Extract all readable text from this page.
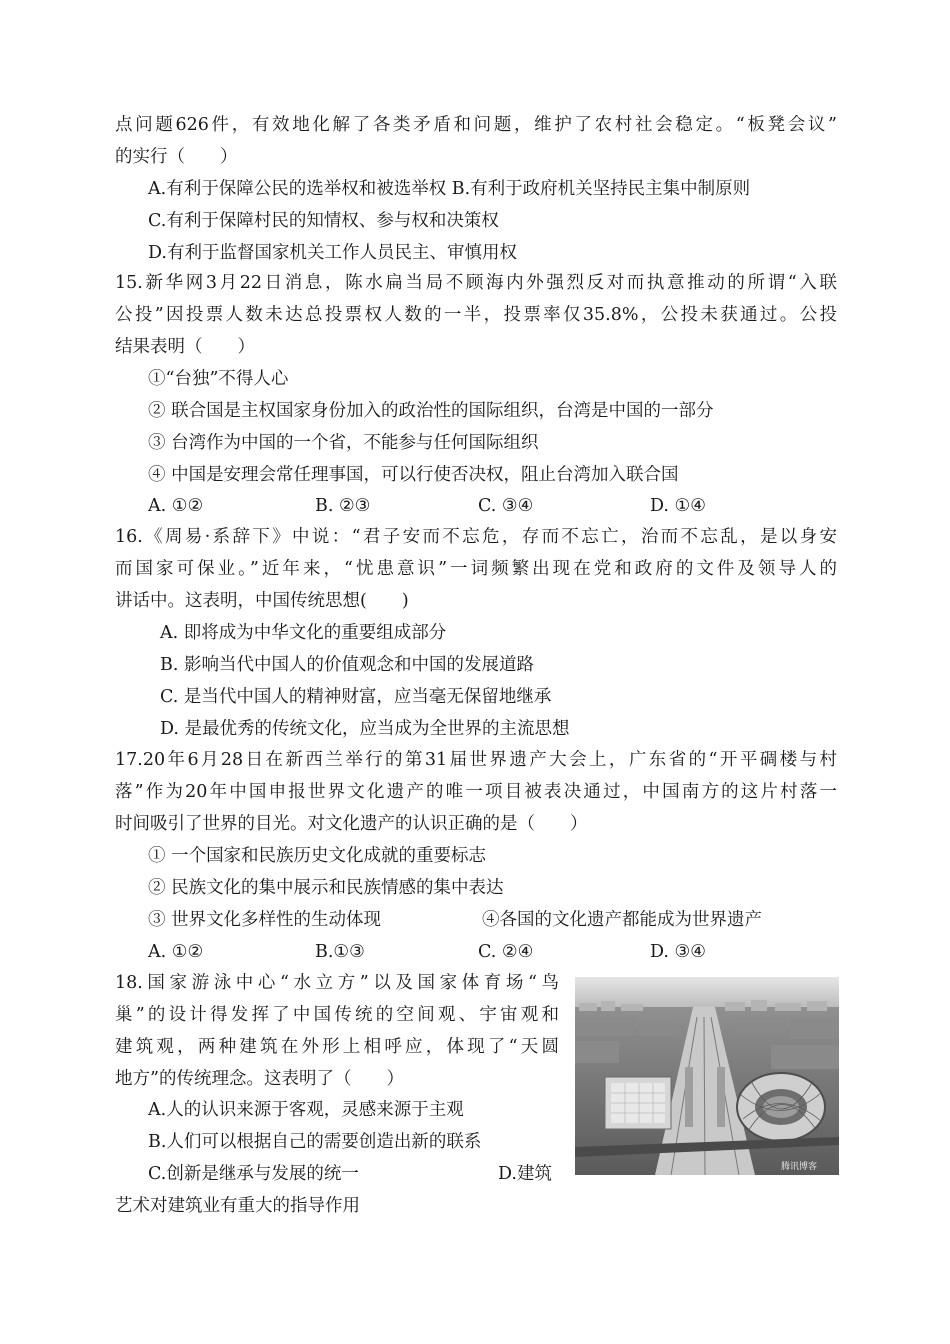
点问题626件，有效地化解了各类矛盾和问题，维护了农村社会稳定。“板凳会议”
的实行（　　）
A.有利于保障公民的选举权和被选举权 B.有利于政府机关坚持民主集中制原则
C.有利于保障村民的知情权、参与权和决策权
D.有利于监督国家机关工作人员民主、审慎用权
15.新华网3月22日消息，陈水扁当局不顾海内外强烈反对而执意推动的所谓“入联
公投”因投票人数未达总投票权人数的一半，投票率仅35.8%，公投未获通过。公投
结果表明（　　）
①“台独”不得人心
② 联合国是主权国家身份加入的政治性的国际组织，台湾是中国的一部分
③ 台湾作为中国的一个省，不能参与任何国际组织
④ 中国是安理会常任理事国，可以行使否决权，阻止台湾加入联合国
A. ①②	B. ②③	C. ③④	D. ①④
16.《周易·系辞下》中说：“君子安而不忘危，存而不忘亡，治而不忘乱，是以身安
而国家可保业。”近年来，“忧患意识”一词频繁出现在党和政府的文件及领导人的
讲话中。这表明，中国传统思想(　　)
A. 即将成为中华文化的重要组成部分
B. 影响当代中国人的价值观念和中国的发展道路
C. 是当代中国人的精神财富，应当毫无保留地继承
D. 是最优秀的传统文化，应当成为全世界的主流思想
17.20年6月28日在新西兰举行的第31届世界遗产大会上，广东省的“开平碉楼与村
落”作为20年中国申报世界文化遗产的唯一项目被表决通过，中国南方的这片村落一
时间吸引了世界的目光。对文化遗产的认识正确的是（　　）
① 一个国家和民族历史文化成就的重要标志
② 民族文化的集中展示和民族情感的集中表达
③ 世界文化多样性的生动体现	④各国的文化遗产都能成为世界遗产
A. ①②	B.①③	C. ②④	D. ③④
18.国家游泳中心“水立方”以及国家体育场“鸟
巢”的设计得发挥了中国传统的空间观、宇宙观和
建筑观，两种建筑在外形上相呼应，体现了“天圆
地方”的传统理念。这表明了（　　）
A.人的认识来源于客观，灵感来源于主观
B.人们可以根据自己的需要创造出新的联系
C.创新是继承与发展的统一	D.建筑
艺术对建筑业有重大的指导作用
腾讯博客
